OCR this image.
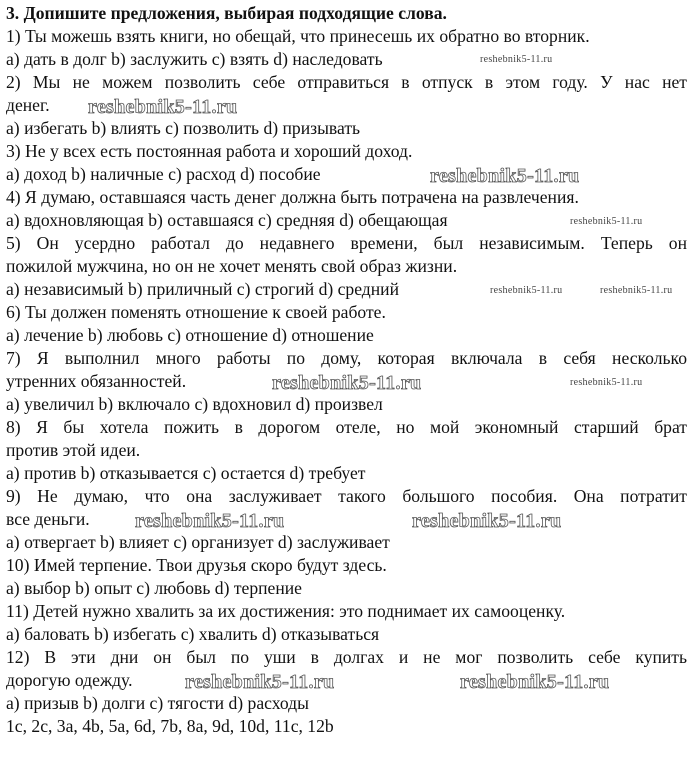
3. Допишите предложения, выбирая подходящие слова.
1) Ты можешь взять книги, но обещай, что принесешь их обратно во вторник.
a) дать в долг b) заслужить c) взять d) наследовать
2) Мы не можем позволить себе отправиться в отпуск в этом году. У нас нет
денег.
a) избегать b) влиять c) позволить d) призывать
3) Не у всех есть постоянная работа и хороший доход.
a) доход b) наличные c) расход d) пособие
4) Я думаю, оставшаяся часть денег должна быть потрачена на развлечения.
a) вдохновляющая b) оставшаяся c) средняя d) обещающая
5) Он усердно работал до недавнего времени, был независимым. Теперь он
пожилой мужчина, но он не хочет менять свой образ жизни.
a) независимый b) приличный c) строгий d) средний
6) Ты должен поменять отношение к своей работе.
a) лечение b) любовь c) отношение d) отношение
7) Я выполнил много работы по дому, которая включала в себя несколько
утренних обязанностей.
a) увеличил b) включало c) вдохновил d) произвел
8) Я бы хотела пожить в дорогом отеле, но мой экономный старший брат
против этой идеи.
a) против b) отказывается c) остается d) требует
9) Не думаю, что она заслуживает такого большого пособия. Она потратит
все деньги.
a) отвергает b) влияет c) организует d) заслуживает
10) Имей терпение. Твои друзья скоро будут здесь.
a) выбор b) опыт c) любовь d) терпение
11) Детей нужно хвалить за их достижения: это поднимает их самооценку.
a) баловать b) избегать c) хвалить d) отказываться
12) В эти дни он был по уши в долгах и не мог позволить себе купить
дорогую одежду.
a) призыв b) долги c) тягости d) расходы
1c, 2c, 3a, 4b, 5a, 6d, 7b, 8a, 9d, 10d, 11c, 12b
reshebnik5-11.ru
reshebnik5-11.ru
reshebnik5-11.ru
reshebnik5-11.ru
reshebnik5-11.ru	reshebnik5-11.ru
reshebnik5-11.ru
reshebnik5-11.ru
reshebnik5-11.ru	reshebnik5-11.ru
reshebnik5-11.ru	reshebnik5-11.ru
